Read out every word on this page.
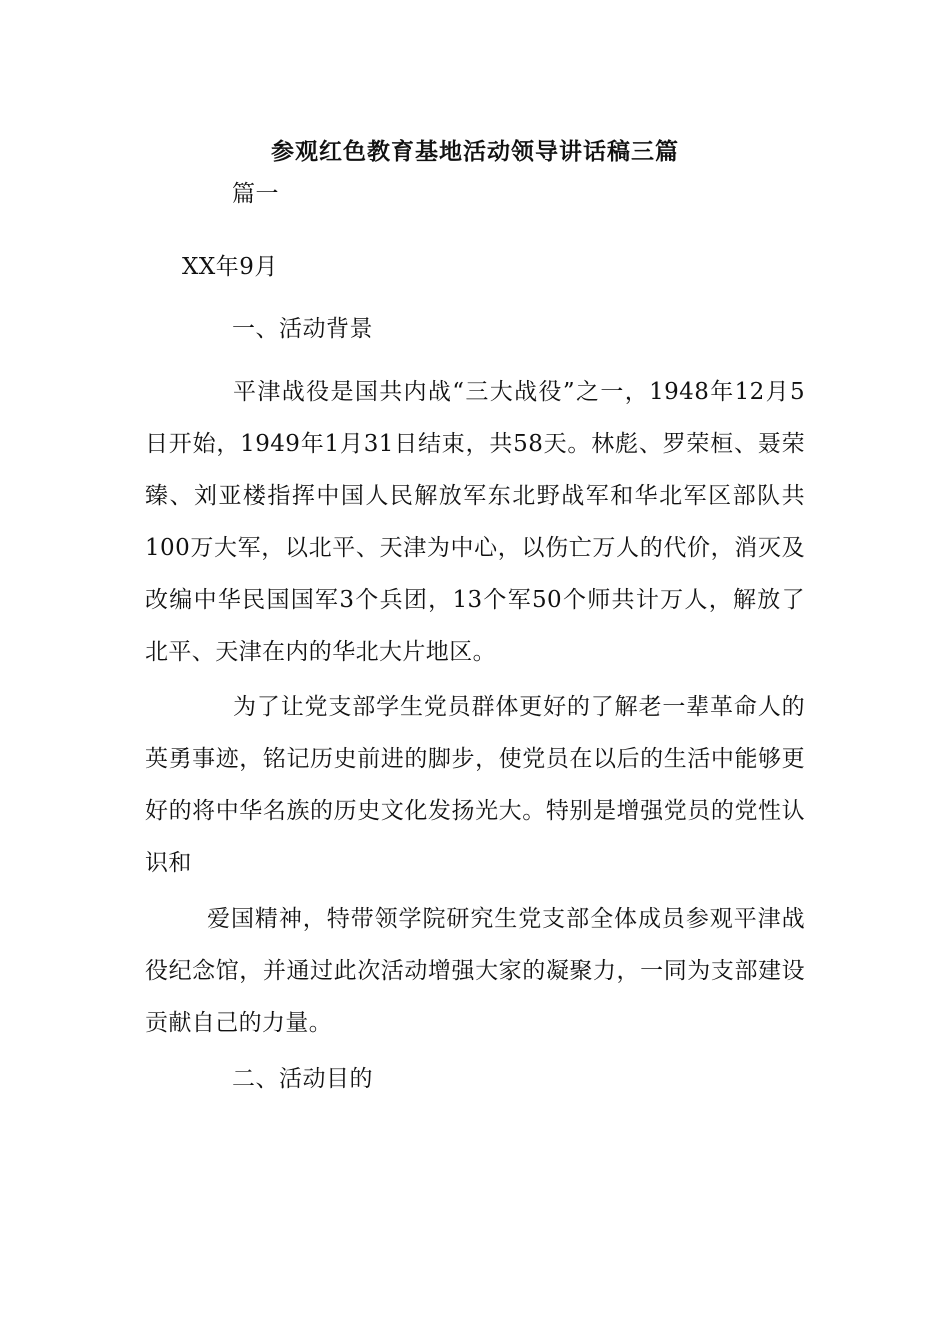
参观红色教育基地活动领导讲话稿三篇
篇一
XX年9月
一、活动背景
平津战役是国共内战“三大战役”之一，1948年12月5日开始，1949年1月31日结束，共58天。林彪、罗荣桓、聂荣臻、刘亚楼指挥中国人民解放军东北野战军和华北军区部队共100万大军，以北平、天津为中心，以伤亡万人的代价，消灭及改编中华民国国军3个兵团，13个军50个师共计万人，解放了北平、天津在内的华北大片地区。
为了让党支部学生党员群体更好的了解老一辈革命人的英勇事迹，铭记历史前进的脚步，使党员在以后的生活中能够更好的将中华名族的历史文化发扬光大。特别是增强党员的党性认识和
爱国精神，特带领学院研究生党支部全体成员参观平津战役纪念馆，并通过此次活动增强大家的凝聚力，一同为支部建设贡献自己的力量。
二、活动目的
